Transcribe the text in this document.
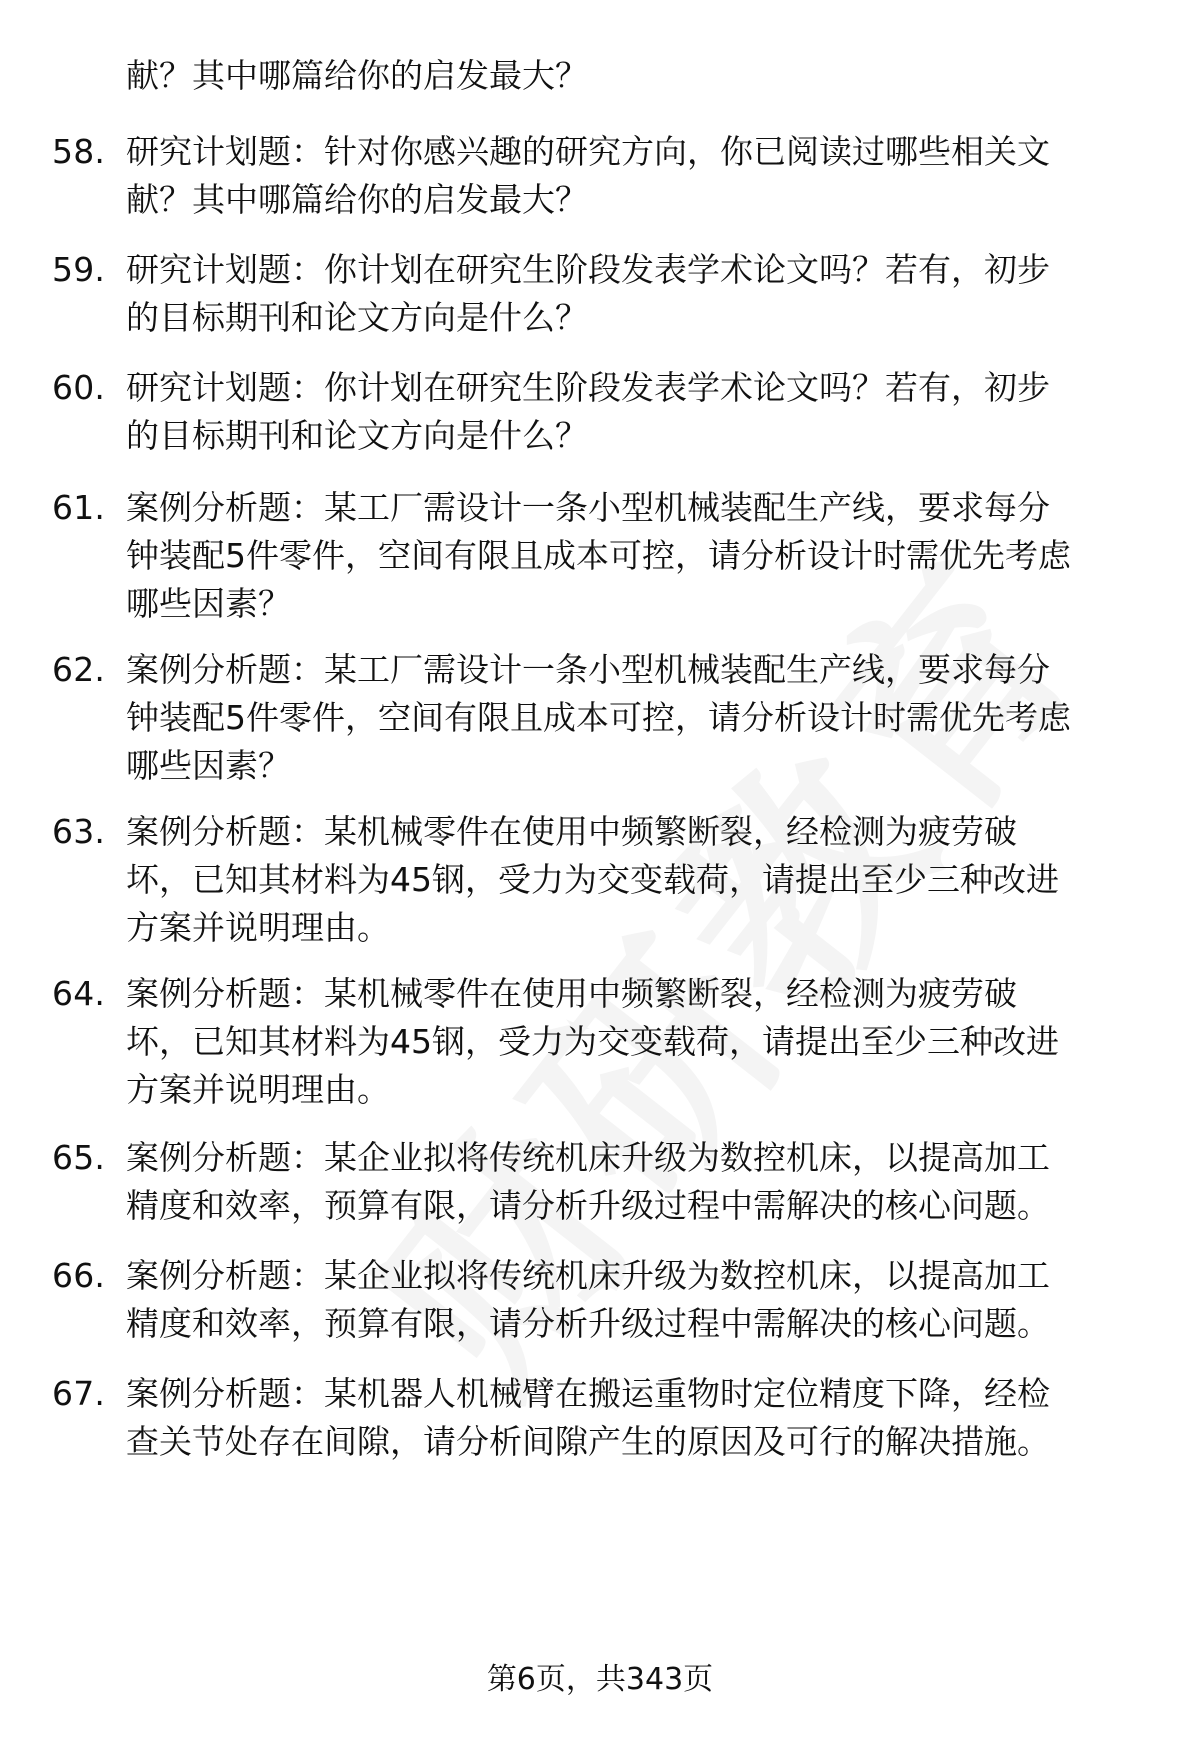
献？其中哪篇给你的启发最大？
58. 研究计划题：针对你感兴趣的研究方向，你已阅读过哪些相关文
献？其中哪篇给你的启发最大？
59. 研究计划题：你计划在研究生阶段发表学术论文吗？若有，初步
的目标期刊和论文方向是什么？
60. 研究计划题：你计划在研究生阶段发表学术论文吗？若有，初步
的目标期刊和论文方向是什么？
61. 案例分析题：某工厂需设计一条小型机械装配生产线，要求每分
钟装配5件零件，空间有限且成本可控，请分析设计时需优先考虑
哪些因素？
62. 案例分析题：某工厂需设计一条小型机械装配生产线，要求每分
钟装配5件零件，空间有限且成本可控，请分析设计时需优先考虑
哪些因素？
63. 案例分析题：某机械零件在使用中频繁断裂，经检测为疲劳破
坏，已知其材料为45钢，受力为交变载荷，请提出至少三种改进
方案并说明理由。
64. 案例分析题：某机械零件在使用中频繁断裂，经检测为疲劳破
坏，已知其材料为45钢，受力为交变载荷，请提出至少三种改进
方案并说明理由。
65. 案例分析题：某企业拟将传统机床升级为数控机床，以提高加工
精度和效率，预算有限，请分析升级过程中需解决的核心问题。
66. 案例分析题：某企业拟将传统机床升级为数控机床，以提高加工
精度和效率，预算有限，请分析升级过程中需解决的核心问题。
67. 案例分析题：某机器人机械臂在搬运重物时定位精度下降，经检
查关节处存在间隙，请分析间隙产生的原因及可行的解决措施。
第6页，共343页
